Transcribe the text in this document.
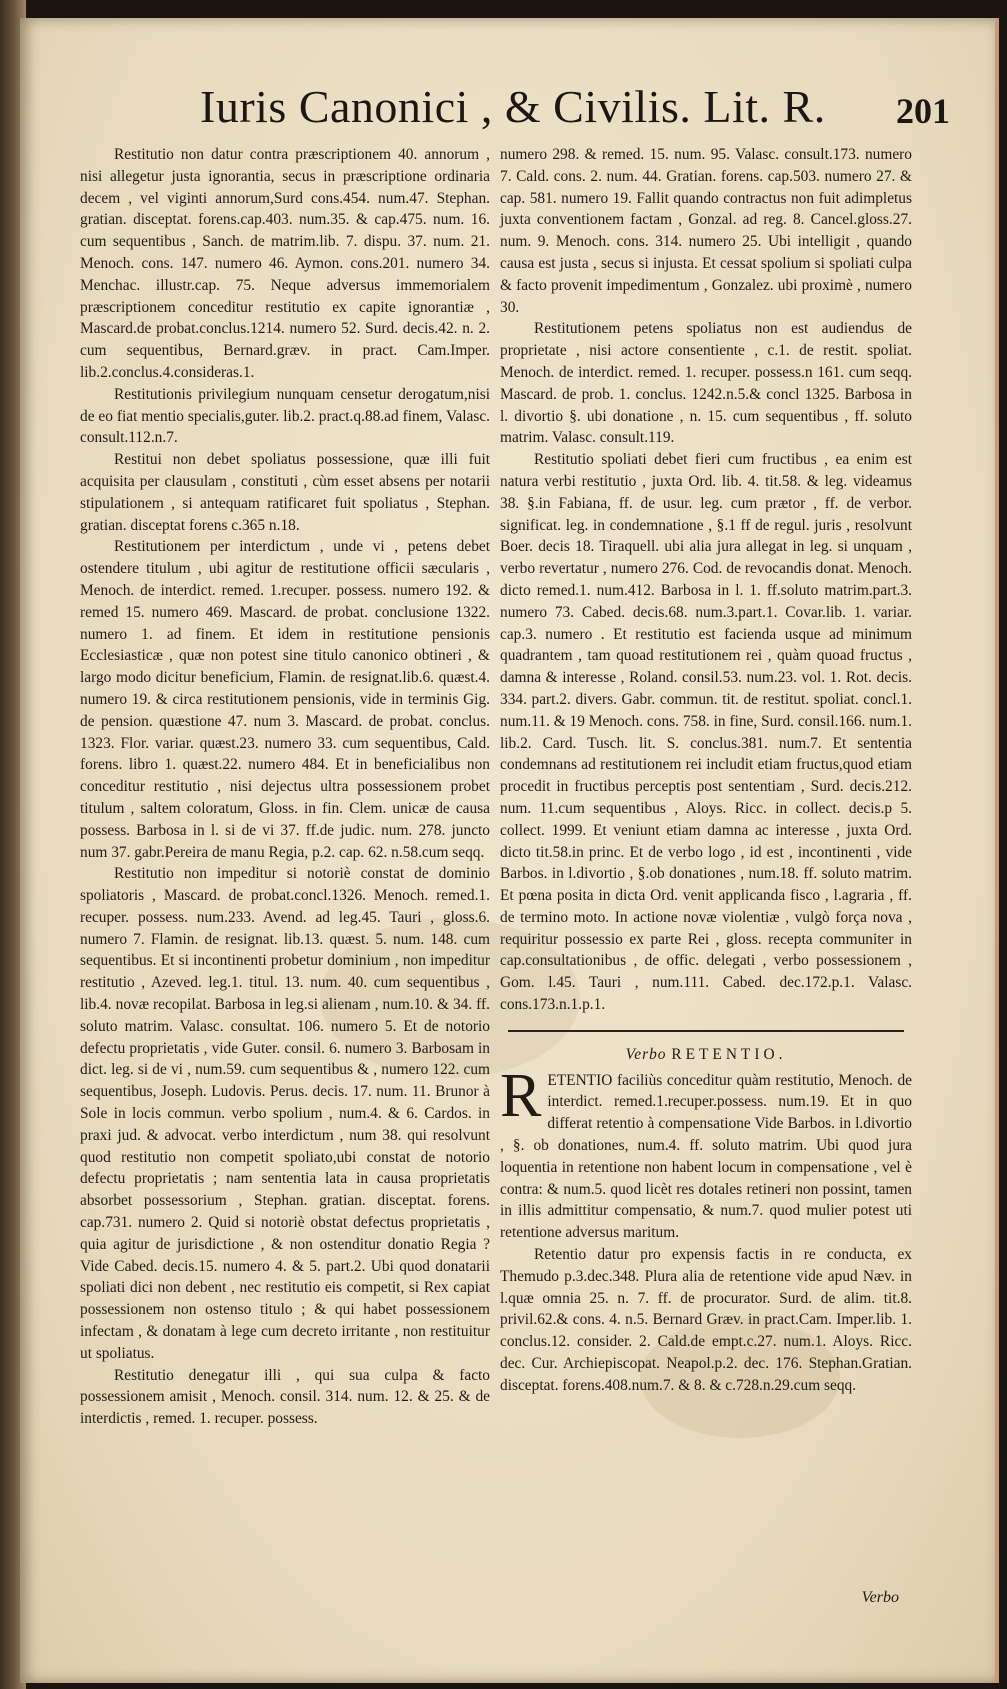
Iuris Canonici , & Civilis. Lit. R. 201

Restitutio non datur contra præscriptionem 40. annorum , nisi allegetur justa ignorantia, secus in præscriptione ordinaria decem , vel viginti annorum,Surd cons.454. num.47. Stephan. gratian. disceptat. forens.cap.403. num.35. & cap.475. num. 16. cum sequentibus , Sanch. de matrim.lib. 7. dispu. 37. num. 21. Menoch. cons. 147. numero 46. Aymon. cons.201. numero 34. Menchac. illustr.cap. 75. Neque adversus immemorialem præscriptionem conceditur restitutio ex capite ignorantiæ , Mascard.de probat.conclus.1214. numero 52. Surd. decis.42. n. 2. cum sequentibus, Bernard.græv. in pract. Cam.Imper. lib.2.conclus.4.consideras.1.

Restitutionis privilegium nunquam censetur derogatum,nisi de eo fiat mentio specialis,guter. lib.2. pract.q.88.ad finem, Valasc. consult.112.n.7.

Restitui non debet spoliatus possessione, quæ illi fuit acquisita per clausulam , constituti , cùm esset absens per notarii stipulationem , si antequam ratificaret fuit spoliatus , Stephan. gratian. disceptat forens c.365 n.18.

Restitutionem per interdictum , unde vi , petens debet ostendere titulum , ubi agitur de restitutione officii sæcularis , Menoch. de interdict. remed. 1.recuper. possess. numero 192. & remed 15. numero 469. Mascard. de probat. conclusione 1322. numero 1. ad finem. Et idem in restitutione pensionis Ecclesiasticæ , quæ non potest sine titulo canonico obtineri , & largo modo dicitur beneficium, Flamin. de resignat.lib.6. quæst.4. numero 19. & circa restitutionem pensionis, vide in terminis Gig. de pension. quæstione 47. num 3. Mascard. de probat. conclus. 1323. Flor. variar. quæst.23. numero 33. cum sequentibus, Cald. forens. libro 1. quæst.22. numero 484. Et in beneficialibus non conceditur restitutio , nisi dejectus ultra possessionem probet titulum , saltem coloratum, Gloss. in fin. Clem. unicæ de causa possess. Barbosa in l. si de vi 37. ff.de judic. num. 278. juncto num 37. gabr.Pereira de manu Regia, p.2. cap. 62. n.58.cum seqq.

Restitutio non impeditur si notoriè constat de dominio spoliatoris , Mascard. de probat.concl.1326. Menoch. remed.1. recuper. possess. num.233. Avend. ad leg.45. Tauri , gloss.6. numero 7. Flamin. de resignat. lib.13. quæst. 5. num. 148. cum sequentibus. Et si incontinenti probetur dominium , non impeditur restitutio , Azeved. leg.1. titul. 13. num. 40. cum sequentibus , lib.4. novæ recopilat. Barbosa in leg.si alienam , num.10. & 34. ff. soluto matrim. Valasc. consultat. 106. numero 5. Et de notorio defectu proprietatis , vide Guter. consil. 6. numero 3. Barbosam in dict. leg. si de vi , num.59. cum sequentibus & , numero 122. cum sequentibus, Joseph. Ludovis. Perus. decis. 17. num. 11. Brunor à Sole in locis commun. verbo spolium , num.4. & 6. Cardos. in praxi jud. & advocat. verbo interdictum , num 38. qui resolvunt quod restitutio non competit spoliato,ubi constat de notorio defectu proprietatis ; nam sententia lata in causa proprietatis absorbet possessorium , Stephan. gratian. disceptat. forens. cap.731. numero 2. Quid si notoriè obstat defectus proprietatis , quia agitur de jurisdictione , & non ostenditur donatio Regia ? Vide Cabed. decis.15. numero 4. & 5. part.2. Ubi quod donatarii spoliati dici non debent , nec restitutio eis competit, si Rex capiat possessionem non ostenso titulo ; & qui habet possessionem infectam , & donatam à lege cum decreto irritante , non restituitur ut spoliatus.

Restitutio denegatur illi , qui sua culpa & facto possessionem amisit , Menoch. consil. 314. num. 12. & 25. & de interdictis , remed. 1. recuper. possess.

numero 298. & remed. 15. num. 95. Valasc. consult.173. numero 7. Cald. cons. 2. num. 44. Gratian. forens. cap.503. numero 27. & cap. 581. numero 19. Fallit quando contractus non fuit adimpletus juxta conventionem factam , Gonzal. ad reg. 8. Cancel.gloss.27. num. 9. Menoch. cons. 314. numero 25. Ubi intelligit , quando causa est justa , secus si injusta. Et cessat spolium si spoliati culpa & facto provenit impedimentum , Gonzalez. ubi proximè , numero 30.

Restitutionem petens spoliatus non est audiendus de proprietate , nisi actore consentiente , c.1. de restit. spoliat. Menoch. de interdict. remed. 1. recuper. possess.n 161. cum seqq. Mascard. de prob. 1. conclus. 1242.n.5.& concl 1325. Barbosa in l. divortio §. ubi donatione , n. 15. cum sequentibus , ff. soluto matrim. Valasc. consult.119.

Restitutio spoliati debet fieri cum fructibus , ea enim est natura verbi restitutio , juxta Ord. lib. 4. tit.58. & leg. videamus 38. §.in Fabiana, ff. de usur. leg. cum prætor , ff. de verbor. significat. leg. in condemnatione , §.1 ff de regul. juris , resolvunt Boer. decis 18. Tiraquell. ubi alia jura allegat in leg. si unquam , verbo revertatur , numero 276. Cod. de revocandis donat. Menoch. dicto remed.1. num.412. Barbosa in l. 1. ff.soluto matrim.part.3. numero 73. Cabed. decis.68. num.3.part.1. Covar.lib. 1. variar. cap.3. numero . Et restitutio est facienda usque ad minimum quadrantem , tam quoad restitutionem rei , quàm quoad fructus , damna & interesse , Roland. consil.53. num.23. vol. 1. Rot. decis. 334. part.2. divers. Gabr. commun. tit. de restitut. spoliat. concl.1. num.11. & 19 Menoch. cons. 758. in fine, Surd. consil.166. num.1. lib.2. Card. Tusch. lit. S. conclus.381. num.7. Et sententia condemnans ad restitutionem rei includit etiam fructus,quod etiam procedit in fructibus perceptis post sententiam , Surd. decis.212. num. 11.cum sequentibus , Aloys. Ricc. in collect. decis.p 5. collect. 1999. Et veniunt etiam damna ac interesse , juxta Ord. dicto tit.58.in princ. Et de verbo logo , id est , incontinenti , vide Barbos. in l.divortio , §.ob donationes , num.18. ff. soluto matrim. Et pœna posita in dicta Ord. venit applicanda fisco , l.agraria , ff. de termino moto. In actione novæ violentiæ , vulgò força nova , requiritur possessio ex parte Rei , gloss. recepta communiter in cap.consultationibus , de offic. delegati , verbo possessionem , Gom. l.45. Tauri , num.111. Cabed. dec.172.p.1. Valasc. cons.173.n.1.p.1.

Verbo RETENTIO.

RETENTIO faciliùs conceditur quàm restitutio, Menoch. de interdict. remed.1.recuper.possess. num.19. Et in quo differat retentio à compensatione Vide Barbos. in l.divortio , §. ob donationes, num.4. ff. soluto matrim. Ubi quod jura loquentia in retentione non habent locum in compensatione , vel è contra: & num.5. quod licèt res dotales retineri non possint, tamen in illis admittitur compensatio, & num.7. quod mulier potest uti retentione adversus maritum.

Retentio datur pro expensis factis in re conducta, ex Themudo p.3.dec.348. Plura alia de retentione vide apud Næv. in l.quæ omnia 25. n. 7. ff. de procurator. Surd. de alim. tit.8. privil.62.& cons. 4. n.5. Bernard Græv. in pract.Cam. Imper.lib. 1. conclus.12. consider. 2. Cald.de empt.c.27. num.1. Aloys. Ricc. dec. Cur. Archiepiscopat. Neapol.p.2. dec. 176. Stephan.Gratian. disceptat. forens.408.num.7. & 8. & c.728.n.29.cum seqq.

Verbo
